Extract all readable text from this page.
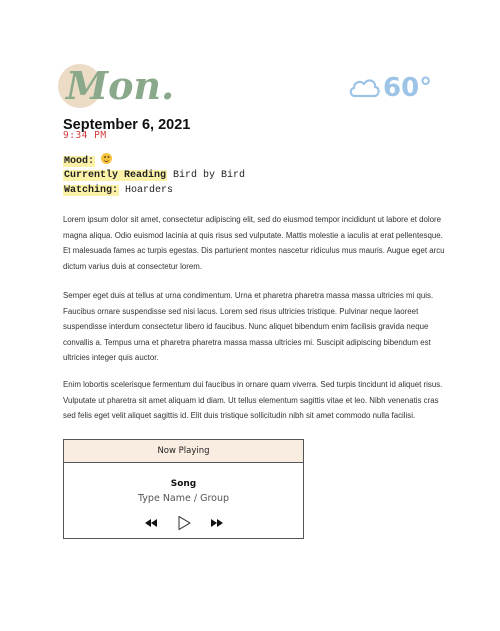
Mon.	60°
September 6, 2021
9:34 PM
Mood:
Currently Reading Bird by Bird
Watching: Hoarders

Lorem ipsum dolor sit amet, consectetur adipiscing elit, sed do eiusmod tempor incididunt ut labore et dolore magna aliqua. Odio euismod lacinia at quis risus sed vulputate. Mattis molestie a iaculis at erat pellentesque. Et malesuada fames ac turpis egestas. Dis parturient montes nascetur ridiculus mus mauris. Augue eget arcu dictum varius duis at consectetur lorem.

Semper eget duis at tellus at urna condimentum. Urna et pharetra pharetra massa massa ultricies mi quis. Faucibus ornare suspendisse sed nisi lacus. Lorem sed risus ultricies tristique. Pulvinar neque laoreet suspendisse interdum consectetur libero id faucibus. Nunc aliquet bibendum enim facilisis gravida neque convallis a. Tempus urna et pharetra pharetra massa massa ultricies mi. Suscipit adipiscing bibendum est ultricies integer quis auctor.

Enim lobortis scelerisque fermentum dui faucibus in ornare quam viverra. Sed turpis tincidunt id aliquet risus. Vulputate ut pharetra sit amet aliquam id diam. Ut tellus elementum sagittis vitae et leo. Nibh venenatis cras sed felis eget velit aliquet sagittis id. Elit duis tristique sollicitudin nibh sit amet commodo nulla facilisi.

Now Playing
Song
Type Name / Group
